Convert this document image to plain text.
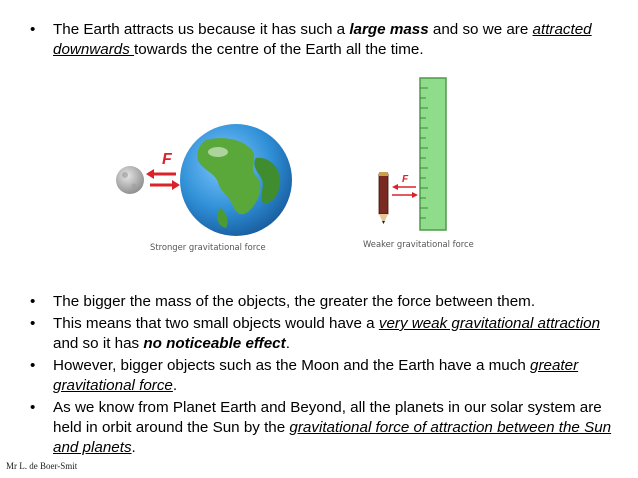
• The Earth attracts us because it has such a large mass and so we are attracted downwards towards the centre of the Earth all the time.
F
Stronger gravitational force
F
Weaker gravitational force
• The bigger the mass of the objects, the greater the force between them.
• This means that two small objects would have a very weak gravitational attraction and so it has no noticeable effect.
• However, bigger objects such as the Moon and the Earth have a much greater gravitational force.
• As we know from Planet Earth and Beyond, all the planets in our solar system are held in orbit around the Sun by the gravitational force of attraction between the Sun and planets.
Mr L. de Boer-Smit
